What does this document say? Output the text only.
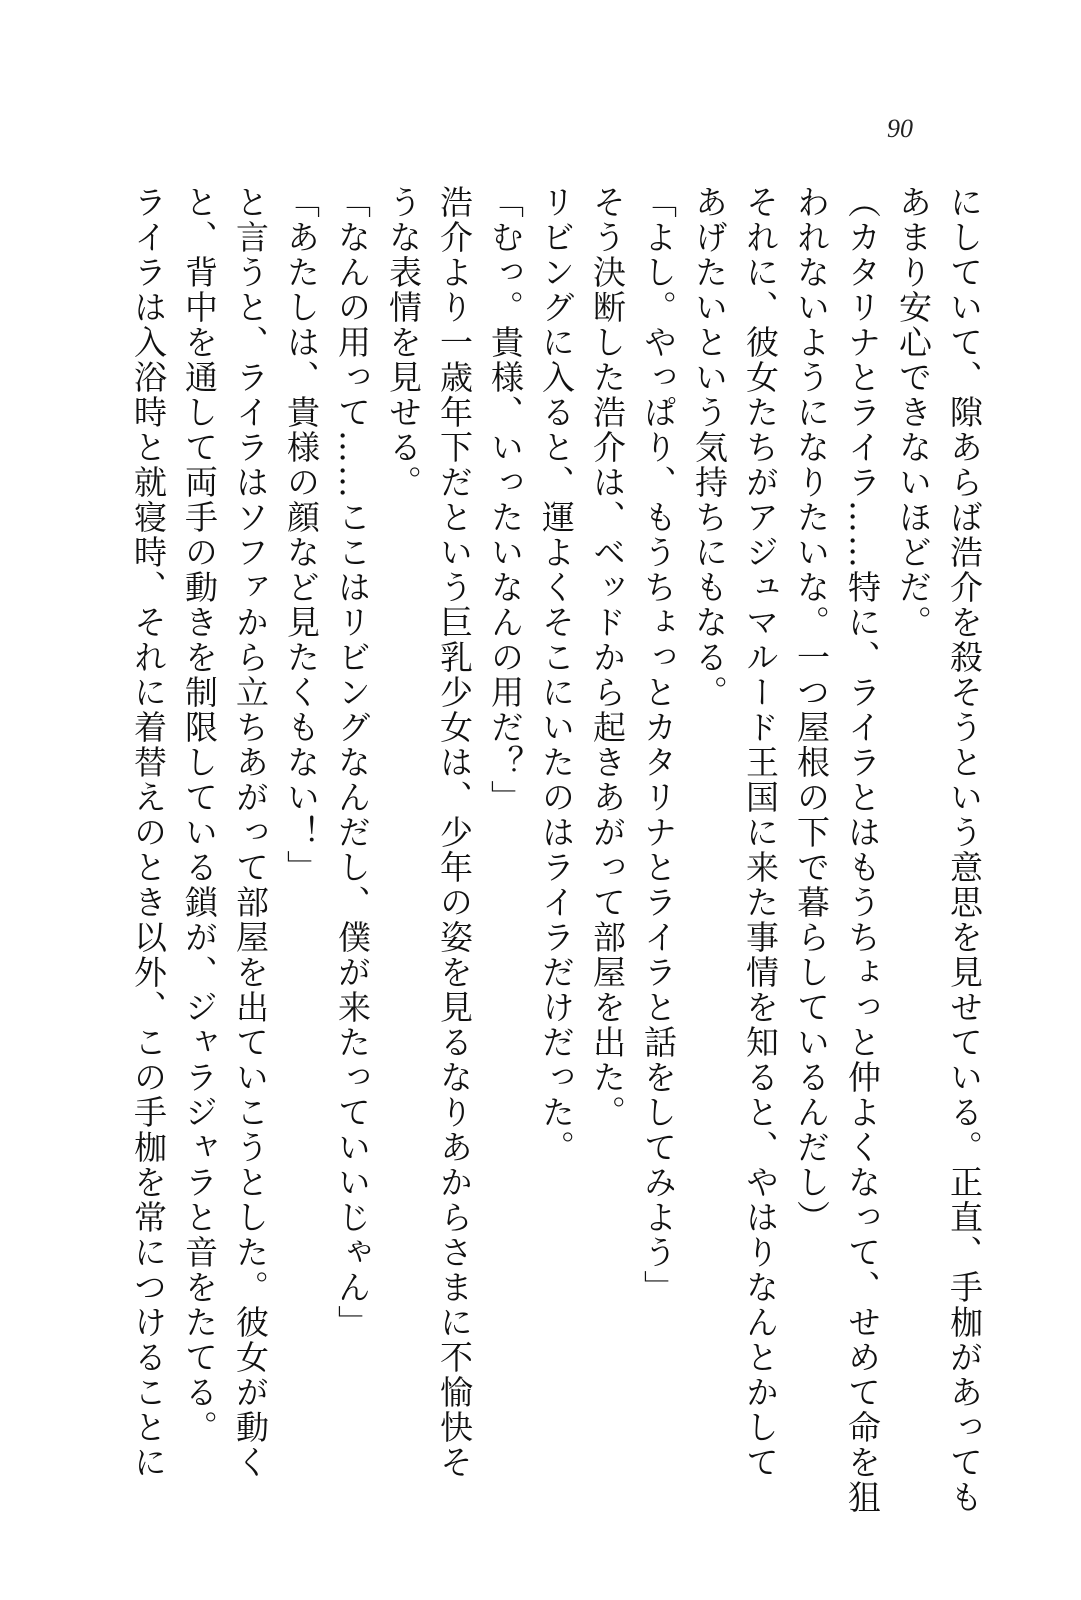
90

にしていて、隙あらば浩介を殺そうという意思を見せている。正直、手枷があっても

あまり安心できないほどだ。

（カタリナとライラ……特に、ライラとはもうちょっと仲よくなって、せめて命を狙

われないようになりたいな。一つ屋根の下で暮らしているんだし）

それに、彼女たちがアジュマルード王国に来た事情を知ると、やはりなんとかして

あげたいという気持ちにもなる。

「よし。やっぱり、もうちょっとカタリナとライラと話をしてみよう」

そう決断した浩介は、ベッドから起きあがって部屋を出た。

リビングに入ると、運よくそこにいたのはライラだけだった。

「むっ。貴様、いったいなんの用だ？」

浩介より一歳年下だという巨乳少女は、少年の姿を見るなりあからさまに不愉快そ

うな表情を見せる。

「なんの用って……ここはリビングなんだし、僕が来たっていいじゃん」

「あたしは、貴様の顔など見たくもない！」

と言うと、ライラはソファから立ちあがって部屋を出ていこうとした。彼女が動く

と、背中を通して両手の動きを制限している鎖が、ジャラジャラと音をたてる。

ライラは入浴時と就寝時、それに着替えのとき以外、この手枷を常につけることに
